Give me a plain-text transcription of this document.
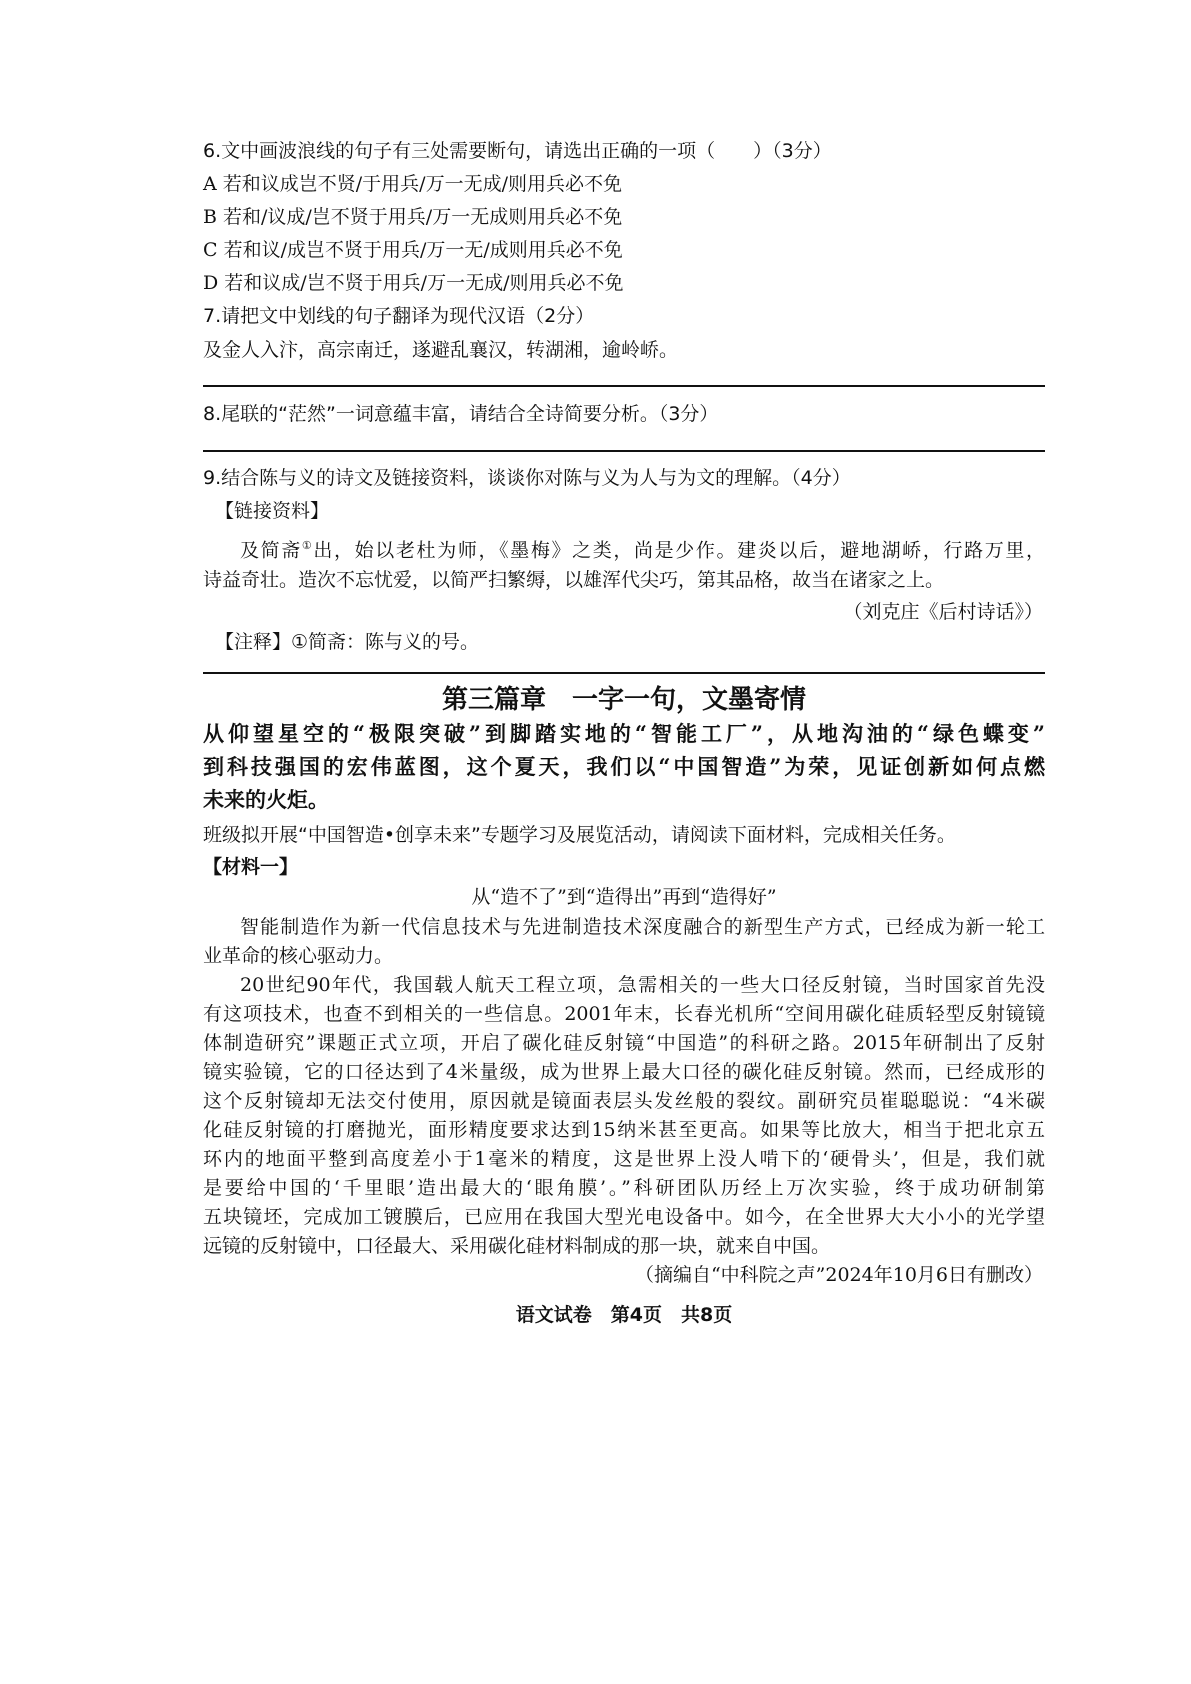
6.文中画波浪线的句子有三处需要断句，请选出正确的一项（　　）（3分）
A 若和议成岂不贤/于用兵/万一无成/则用兵必不免
B 若和/议成/岂不贤于用兵/万一无成则用兵必不免
C 若和议/成岂不贤于用兵/万一无/成则用兵必不免
D 若和议成/岂不贤于用兵/万一无成/则用兵必不免
7.请把文中划线的句子翻译为现代汉语（2分）
及金人入汴，高宗南迁，遂避乱襄汉，转湖湘，逾岭峤。
8.尾联的“茫然”一词意蕴丰富，请结合全诗简要分析。（3分）
9.结合陈与义的诗文及链接资料，谈谈你对陈与义为人与为文的理解。（4分）
【链接资料】
及简斋①出，始以老杜为师，《墨梅》之类，尚是少作。建炎以后，避地湖峤，行路万里，
诗益奇壮。造次不忘忧爱，以简严扫繁缛，以雄浑代尖巧，第其品格，故当在诸家之上。
（刘克庄《后村诗话》）
【注释】①简斋：陈与义的号。
第三篇章　一字一句，文墨寄情
从仰望星空的“极限突破”到脚踏实地的“智能工厂”，从地沟油的“绿色蝶变”
到科技强国的宏伟蓝图，这个夏天，我们以“中国智造”为荣，见证创新如何点燃
未来的火炬。
班级拟开展“中国智造•创享未来”专题学习及展览活动，请阅读下面材料，完成相关任务。
【材料一】
从“造不了”到“造得出”再到“造得好”
智能制造作为新一代信息技术与先进制造技术深度融合的新型生产方式，已经成为新一轮工
业革命的核心驱动力。
20世纪90年代，我国载人航天工程立项，急需相关的一些大口径反射镜，当时国家首先没
有这项技术，也查不到相关的一些信息。2001年末，长春光机所“空间用碳化硅质轻型反射镜镜
体制造研究”课题正式立项，开启了碳化硅反射镜“中国造”的科研之路。2015年研制出了反射
镜实验镜，它的口径达到了4米量级，成为世界上最大口径的碳化硅反射镜。然而，已经成形的
这个反射镜却无法交付使用，原因就是镜面表层头发丝般的裂纹。副研究员崔聪聪说：“4米碳
化硅反射镜的打磨抛光，面形精度要求达到15纳米甚至更高。如果等比放大，相当于把北京五
环内的地面平整到高度差小于1毫米的精度，这是世界上没人啃下的‘硬骨头’，但是，我们就
是要给中国的‘千里眼’造出最大的‘眼角膜’。”科研团队历经上万次实验，终于成功研制第
五块镜坯，完成加工镀膜后，已应用在我国大型光电设备中。如今，在全世界大大小小的光学望
远镜的反射镜中，口径最大、采用碳化硅材料制成的那一块，就来自中国。
（摘编自“中科院之声”2024年10月6日有删改）
语文试卷　第4页　共8页
